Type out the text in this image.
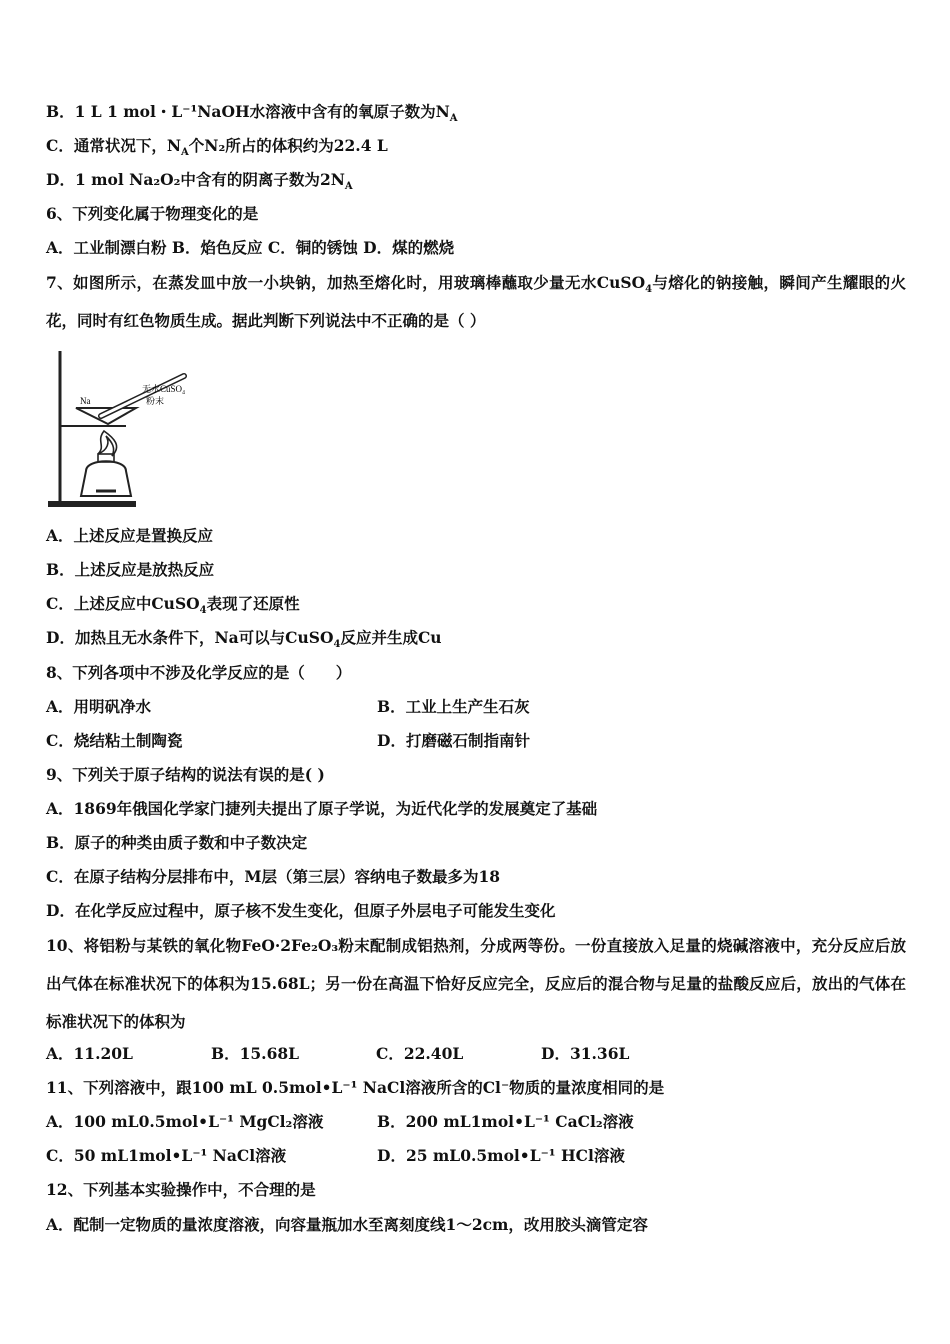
B．1 L 1 mol・L⁻¹NaOH水溶液中含有的氧原子数为$N_A$
C．通常状况下，$N_A$个N₂所占的体积约为22.4 L
D．1 mol Na₂O₂中含有的阴离子数为$2N_A$
6、下列变化属于物理变化的是
A．工业制漂白粉 B．焰色反应 C．铜的锈蚀 D．煤的燃烧
7、如图所示，在蒸发皿中放一小块钠，加热至熔化时，用玻璃棒蘸取少量无水CuSO$_4$与熔化的钠接触，瞬间产生耀眼的火花，同时有红色物质生成。据此判断下列说法中不正确的是（ ）
Na
无水CuSO₄
粉末
A．上述反应是置换反应
B．上述反应是放热反应
C．上述反应中CuSO$_4$表现了还原性
D．加热且无水条件下，Na可以与CuSO$_4$反应并生成Cu
8、下列各项中不涉及化学反应的是（　　）
A．用明矾净水	B．工业上生产生石灰
C．烧结粘土制陶瓷	D．打磨磁石制指南针
9、下列关于原子结构的说法有误的是( )
A．1869年俄国化学家门捷列夫提出了原子学说，为近代化学的发展奠定了基础
B．原子的种类由质子数和中子数决定
C．在原子结构分层排布中，M层（第三层）容纳电子数最多为18
D．在化学反应过程中，原子核不发生变化，但原子外层电子可能发生变化
10、将铝粉与某铁的氧化物FeO·2Fe₂O₃粉末配制成铝热剂，分成两等份。一份直接放入足量的烧碱溶液中，充分反应后放出气体在标准状况下的体积为15.68L；另一份在高温下恰好反应完全，反应后的混合物与足量的盐酸反应后，放出的气体在标准状况下的体积为
A．11.20L	B．15.68L	C．22.40L	D．31.36L
11、下列溶液中，跟100 mL 0.5mol•L⁻¹ NaCl溶液所含的Cl⁻物质的量浓度相同的是
A．100 mL0.5mol•L⁻¹ MgCl₂溶液	B．200 mL1mol•L⁻¹ CaCl₂溶液
C．50 mL1mol•L⁻¹ NaCl溶液	D．25 mL0.5mol•L⁻¹ HCl溶液
12、下列基本实验操作中，不合理的是
A．配制一定物质的量浓度溶液，向容量瓶加水至离刻度线1～2cm，改用胶头滴管定容
